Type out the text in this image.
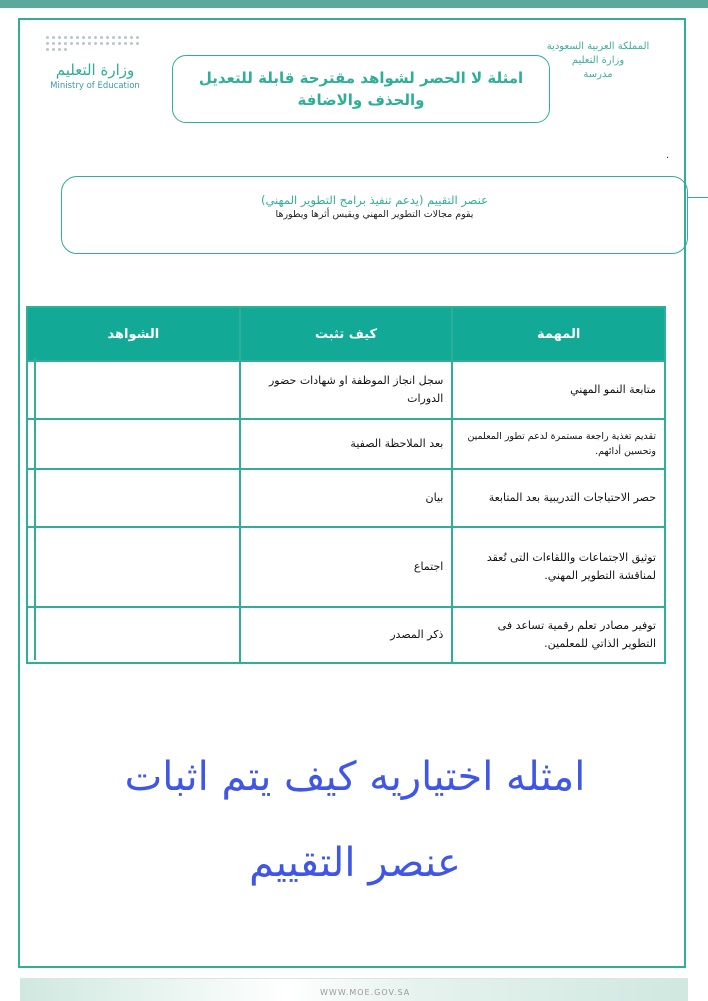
المملكة العربية السعودية
وزارة التعليم
مدرسة
امثلة لا الحصر لشواهد مقترحة قابلة للتعديل والحذف والاضافة
وزارة التعليم
Ministry of Education
.
عنصر التقييم (يدعم تنفيذ برامج التطوير المهني)
يقوم مجالات التطوير المهني ويقيس أثرها ويطورها
المهمة	كيف تثبت	الشواهد
متابعة النمو المهني	سجل انجاز الموظفة او شهادات حضور الدورات	
تقديم تغذية راجعة مستمرة لدعم تطور المعلمين وتحسين أدائهم.	بعد الملاحظة الصفية	
حصر الاحتياجات التدريبية بعد المتابعة	بيان	
توثيق الاجتماعات واللقاءات التى تُعقد لمناقشة التطوير المهني.	اجتماع	
توفير مصادر تعلم رقمية تساعد فى التطوير الذاتي للمعلمين.	ذكر المصدر	
امثله اختياريه كيف يتم اثبات
عنصر التقييم
WWW.MOE.GOV.SA
